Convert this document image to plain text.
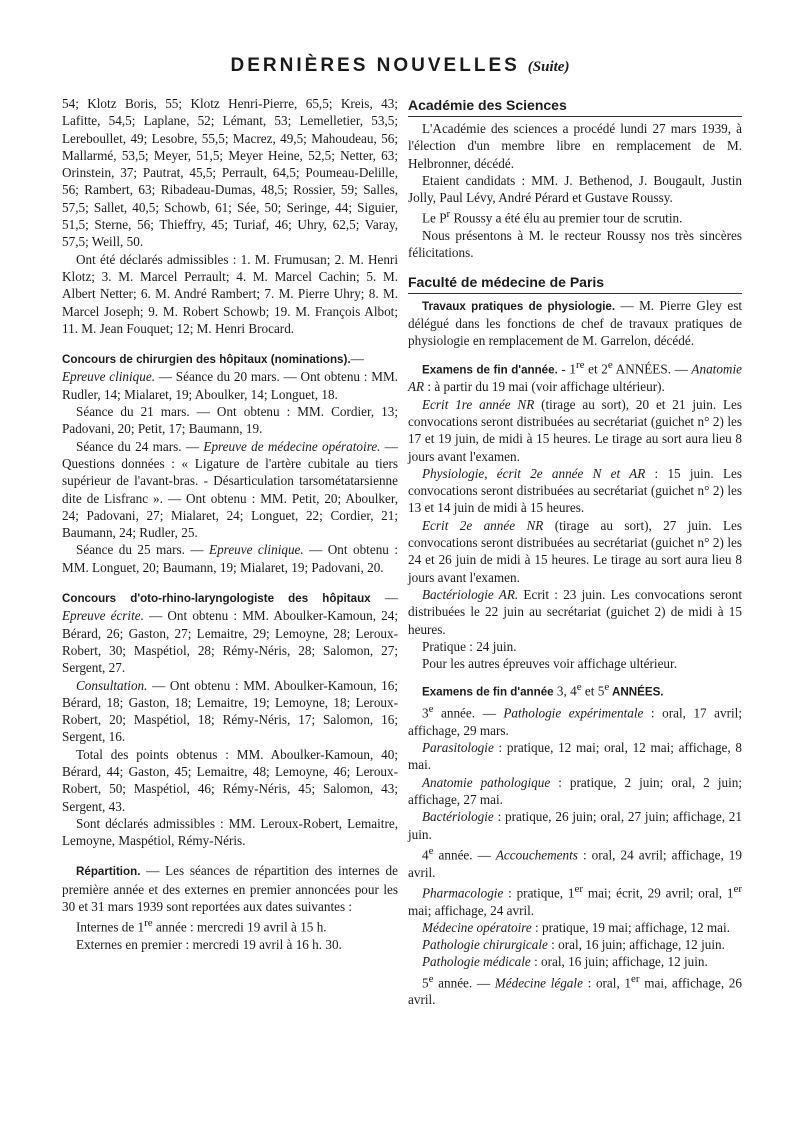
DERNIÈRES NOUVELLES (Suite)

54; Klotz Boris, 55; Klotz Henri-Pierre, 65,5; Kreis, 43; Lafitte, 54,5; Laplane, 52; Lémant, 53; Lemelletier, 53,5; Lereboullet, 49; Lesobre, 55,5; Macrez, 49,5; Mahoudeau, 56; Mallarmé, 53,5; Meyer, 51,5; Meyer Heine, 52,5; Netter, 63; Orinstein, 37; Pautrat, 45,5; Perrault, 64,5; Poumeau-Delille, 56; Rambert, 63; Ribadeau-Dumas, 48,5; Rossier, 59; Salles, 57,5; Sallet, 40,5; Schowb, 61; Sée, 50; Seringe, 44; Siguier, 51,5; Sterne, 56; Thieffry, 45; Turiaf, 46; Uhry, 62,5; Varay, 57,5; Weill, 50.

Ont été déclarés admissibles : 1. M. Frumusan; 2. M. Henri Klotz; 3. M. Marcel Perrault; 4. M. Marcel Cachin; 5. M. Albert Netter; 6. M. André Rambert; 7. M. Pierre Uhry; 8. M. Marcel Joseph; 9. M. Robert Schowb; 19. M. François Albot; 11. M. Jean Fouquet; 12; M. Henri Brocard.

Concours de chirurgien des hôpitaux (nominations).—
Epreuve clinique. — Séance du 20 mars. — Ont obtenu : MM. Rudler, 14; Mialaret, 19; Aboulker, 14; Longuet, 18.

Séance du 21 mars. — Ont obtenu : MM. Cordier, 13; Padovani, 20; Petit, 17; Baumann, 19.

Séance du 24 mars. — Epreuve de médecine opératoire. — Questions données : « Ligature de l'artère cubitale au tiers supérieur de l'avant-bras. - Désarticulation tarsométatarsienne dite de Lisfranc ». — Ont obtenu : MM. Petit, 20; Aboulker, 24; Padovani, 27; Mialaret, 24; Longuet, 22; Cordier, 21; Baumann, 24; Rudler, 25.

Séance du 25 mars. — Epreuve clinique. — Ont obtenu : MM. Longuet, 20; Baumann, 19; Mialaret, 19; Padovani, 20.

Concours d'oto-rhino-laryngologiste des hôpitaux — Epreuve écrite. — Ont obtenu : MM. Aboulker-Kamoun, 24; Bérard, 26; Gaston, 27; Lemaitre, 29; Lemoyne, 28; Leroux-Robert, 30; Maspétiol, 28; Rémy-Néris, 28; Salomon, 27; Sergent, 27.

Consultation. — Ont obtenu : MM. Aboulker-Kamoun, 16; Bérard, 18; Gaston, 18; Lemaitre, 19; Lemoyne, 18; Leroux-Robert, 20; Maspétiol, 18; Rémy-Néris, 17; Salomon, 16; Sergent, 16.

Total des points obtenus : MM. Aboulker-Kamoun, 40; Bérard, 44; Gaston, 45; Lemaitre, 48; Lemoyne, 46; Leroux-Robert, 50; Maspétiol, 46; Rémy-Néris, 45; Salomon, 43; Sergent, 43.

Sont déclarés admissibles : MM. Leroux-Robert, Lemaitre, Lemoyne, Maspétiol, Rémy-Néris.

Répartition. — Les séances de répartition des internes de première année et des externes en premier annoncées pour les 30 et 31 mars 1939 sont reportées aux dates suivantes :

Internes de 1re année : mercredi 19 avril à 15 h.

Externes en premier : mercredi 19 avril à 16 h. 30.

Académie des Sciences

L'Académie des sciences a procédé lundi 27 mars 1939, à l'élection d'un membre libre en remplacement de M. Helbronner, décédé.

Etaient candidats : MM. J. Bethenod, J. Bougault, Justin Jolly, Paul Lévy, André Pérard et Gustave Roussy.

Le $P^r$ Roussy a été élu au premier tour de scrutin.

Nous présentons à M. le recteur Roussy nos très sincères félicitations.

Faculté de médecine de Paris

Travaux pratiques de physiologie. — M. Pierre Gley est délégué dans les fonctions de chef de travaux pratiques de physiologie en remplacement de M. Garrelon, décédé.

Examens de fin d'année. - 1re et 2e ANNÉES. — Anatomie AR : à partir du 19 mai (voir affichage ultérieur).

Ecrit 1re année NR (tirage au sort), 20 et 21 juin. Les convocations seront distribuées au secrétariat (guichet n° 2) les 17 et 19 juin, de midi à 15 heures. Le tirage au sort aura lieu 8 jours avant l'examen.

Physiologie, écrit 2e année N et AR : 15 juin. Les convocations seront distribuées au secrétariat (guichet n° 2) les 13 et 14 juin de midi à 15 heures.

Ecrit 2e année NR (tirage au sort), 27 juin. Les convocations seront distribuées au secrétariat (guichet n° 2) les 24 et 26 juin de midi à 15 heures. Le tirage au sort aura lieu 8 jours avant l'examen.

Bactériologie AR. Ecrit : 23 juin. Les convocations seront distribuées le 22 juin au secrétariat (guichet 2) de midi à 15 heures.

Pratique : 24 juin.

Pour les autres épreuves voir affichage ultérieur.

Examens de fin d'année 3, 4e et 5e ANNÉES.

3e année. — Pathologie expérimentale : oral, 17 avril; affichage, 29 mars.

Parasitologie : pratique, 12 mai; oral, 12 mai; affichage, 8 mai.

Anatomie pathologique : pratique, 2 juin; oral, 2 juin; affichage, 27 mai.

Bactériologie : pratique, 26 juin; oral, 27 juin; affichage, 21 juin.

4e année. — Accouchements : oral, 24 avril; affichage, 19 avril.

Pharmacologie : pratique, 1er mai; écrit, 29 avril; oral, 1er mai; affichage, 24 avril.

Médecine opératoire : pratique, 19 mai; affichage, 12 mai.

Pathologie chirurgicale : oral, 16 juin; affichage, 12 juin.

Pathologie médicale : oral, 16 juin; affichage, 12 juin.

5e année. — Médecine légale : oral, 1er mai, affichage, 26 avril.
